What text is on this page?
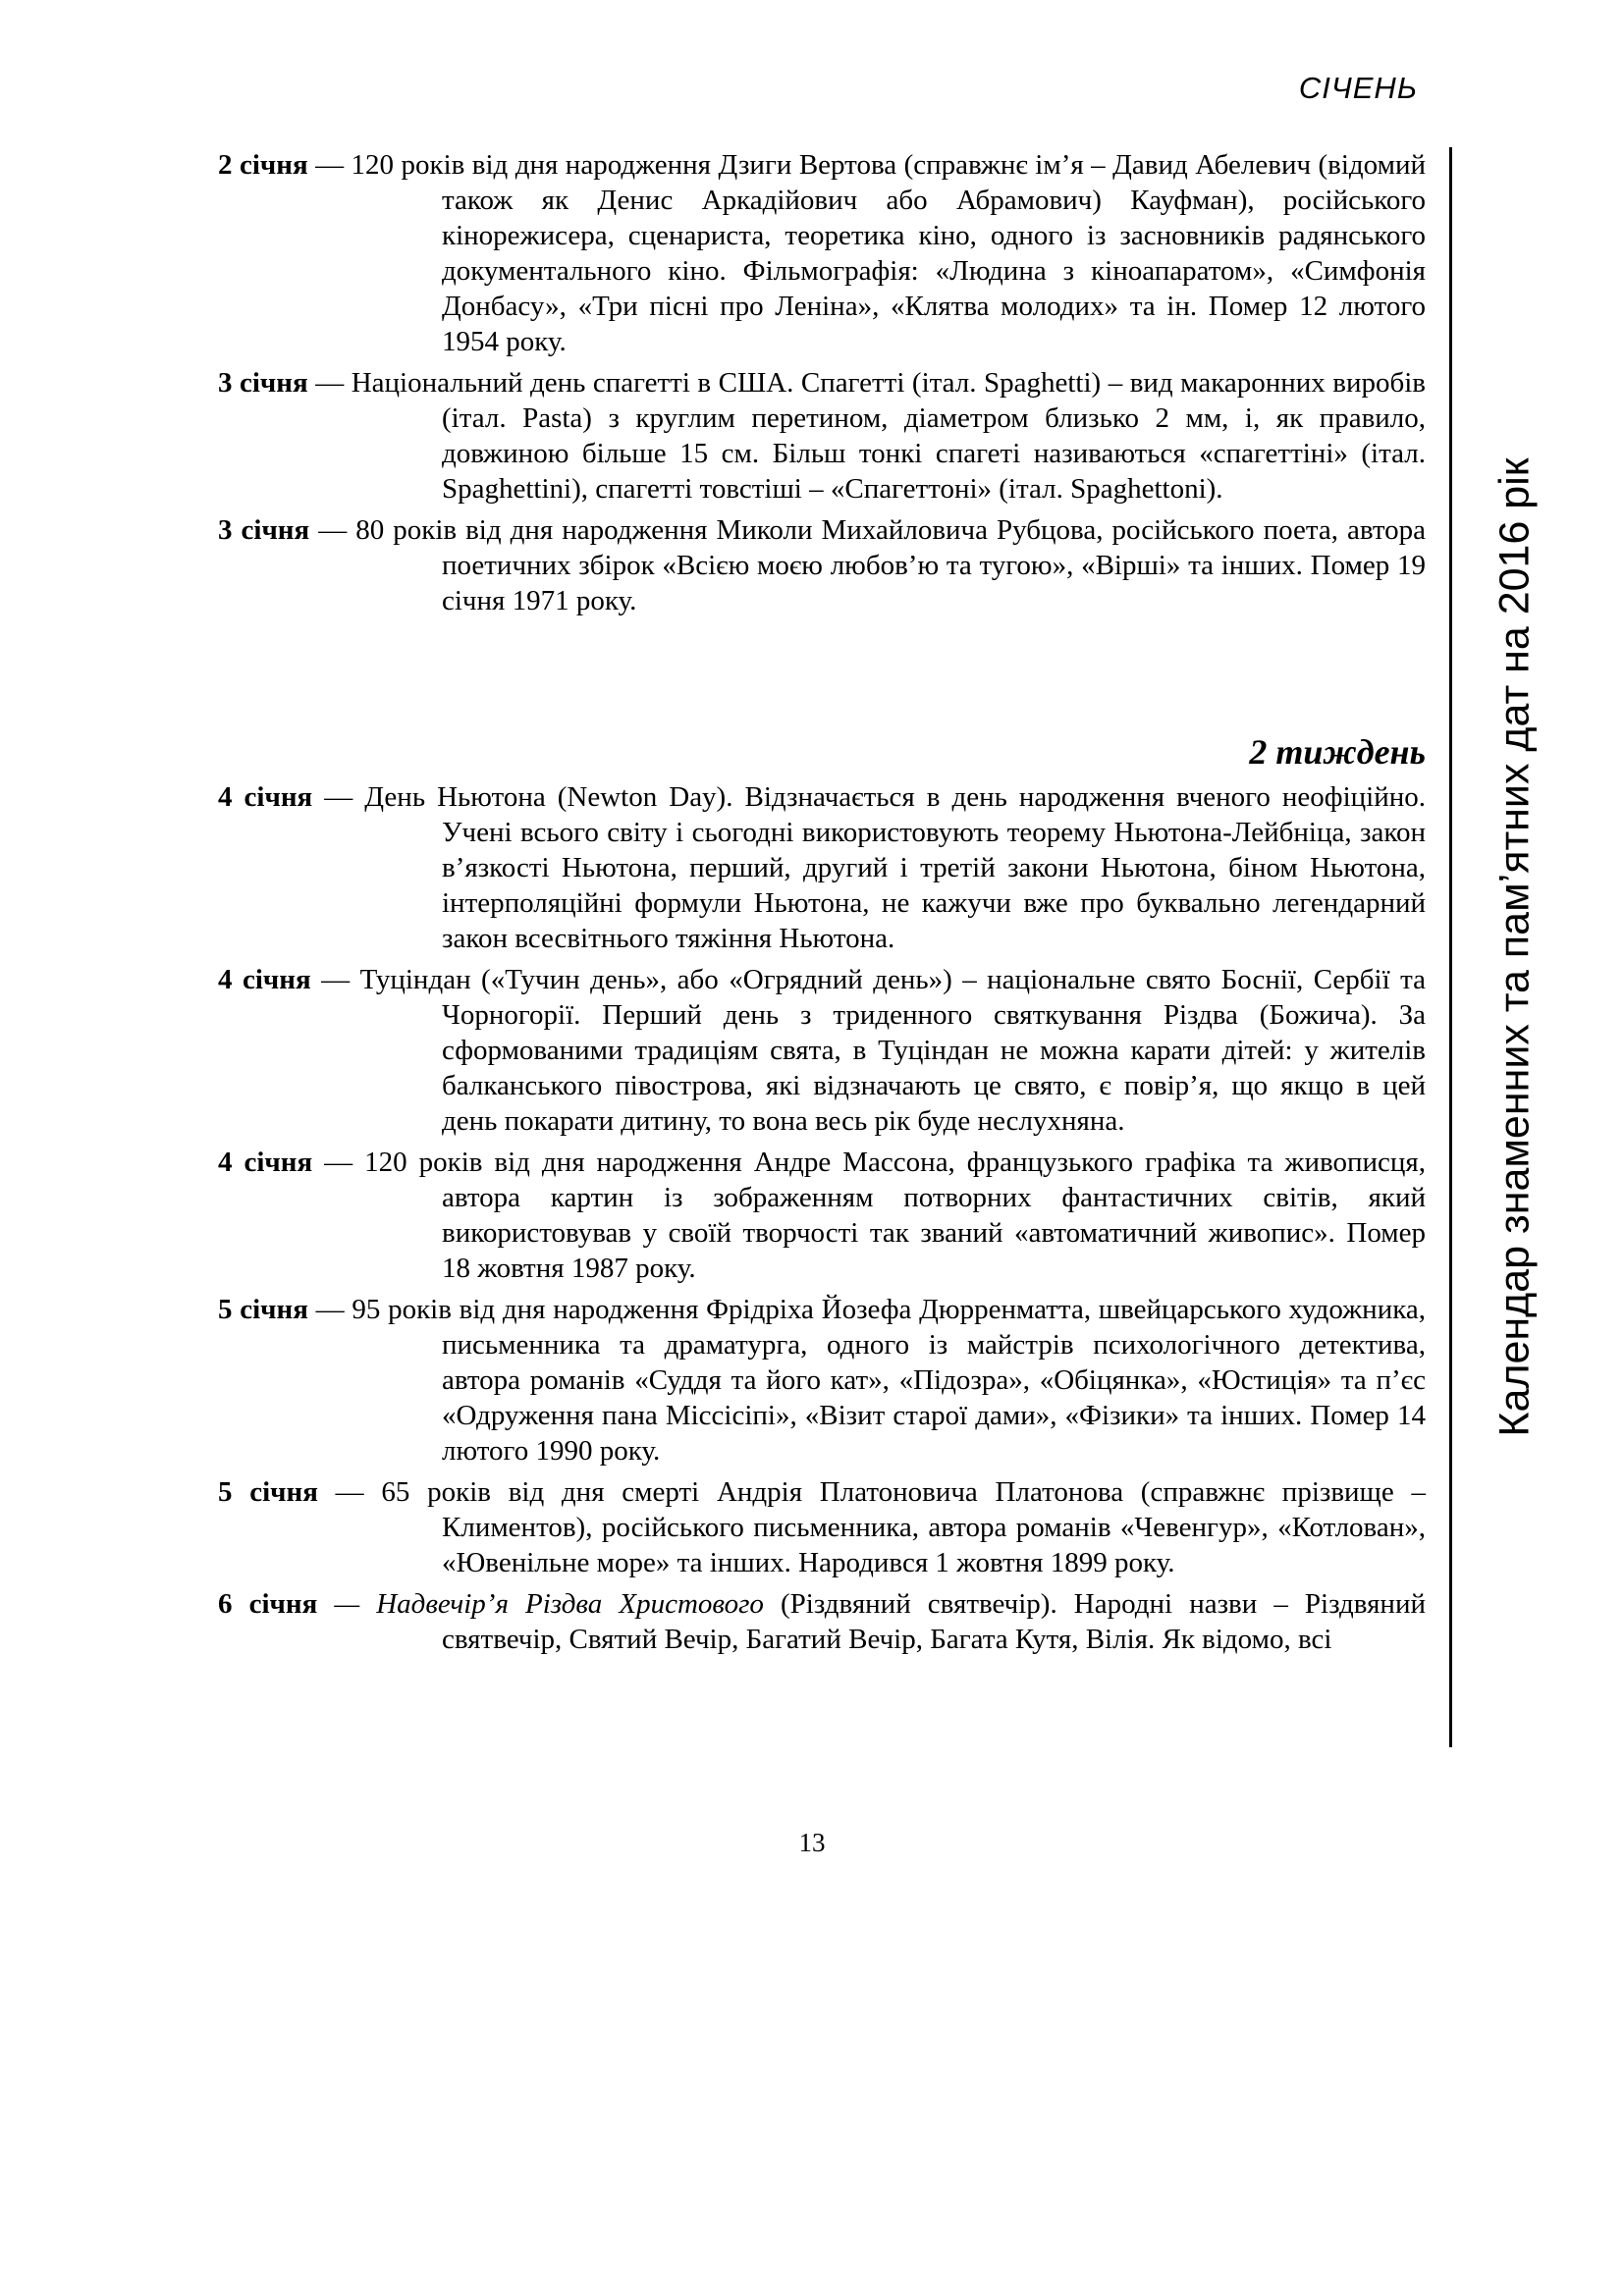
СІЧЕНЬ
Календар знаменних та пам’ятних дат на 2016 рік
2 січня — 120 років від дня народження Дзиги Вертова (справжнє ім’я – Давид Абелевич (відомий також як Денис Аркадійович або Абрамович) Кауфман), російського кінорежисера, сценариста, теоретика кіно, одного із засновників радянського документального кіно. Фільмографія: «Людина з кіноапаратом», «Симфонія Донбасу», «Три пісні про Леніна», «Клятва молодих» та ін. Помер 12 лютого 1954 року.
3 січня — Національний день спагетті в США. Спагетті (італ. Spaghetti) – вид макаронних виробів (італ. Pasta) з круглим перетином, діаметром близько 2 мм, і, як правило, довжиною більше 15 см. Більш тонкі спагеті називаються «спагеттіні» (італ. Spaghettini), спагетті товстіші – «Спагеттоні» (італ. Spaghettoni).
3 січня — 80 років від дня народження Миколи Михайловича Рубцова, російського поета, автора поетичних збірок «Всією моєю любов’ю та тугою», «Вірші» та інших. Помер 19 січня 1971 року.
2 тиждень
4 січня — День Ньютона (Newton Day). Відзначається в день народження вченого неофіційно. Учені всього світу і сьогодні використовують теорему Ньютона-Лейбніца, закон в’язкості Ньютона, перший, другий і третій закони Ньютона, біном Ньютона, інтерполяційні формули Ньютона, не кажучи вже про буквально легендарний закон всесвітнього тяжіння Ньютона.
4 січня — Туціндан («Тучин день», або «Огрядний день») – національне свято Боснії, Сербії та Чорногорії. Перший день з триденного святкування Різдва (Божича). За сформованими традиціям свята, в Туціндан не можна карати дітей: у жителів балканського півострова, які відзначають це свято, є повір’я, що якщо в цей день покарати дитину, то вона весь рік буде неслухняна.
4 січня — 120 років від дня народження Андре Массона, французького графіка та живописця, автора картин із зображенням потворних фантастичних світів, який використовував у своїй творчості так званий «автоматичний живопис». Помер 18 жовтня 1987 року.
5 січня — 95 років від дня народження Фрідріха Йозефа Дюрренматта, швейцарського художника, письменника та драматурга, одного із майстрів психологічного детектива, автора романів «Суддя та його кат», «Підозра», «Обіцянка», «Юстиція» та п’єс «Одруження пана Міссісіпі», «Візит старої дами», «Фізики» та інших. Помер 14 лютого 1990 року.
5 січня — 65 років від дня смерті Андрія Платоновича Платонова (справжнє прізвище – Климентов), російського письменника, автора романів «Чевенгур», «Котлован», «Ювенільне море» та інших. Народився 1 жовтня 1899 року.
6 січня — Надвечір’я Різдва Христового (Різдвяний святвечір). Народні назви – Різдвяний святвечір, Святий Вечір, Багатий Вечір, Багата Кутя, Вілія. Як відомо, всі
13
